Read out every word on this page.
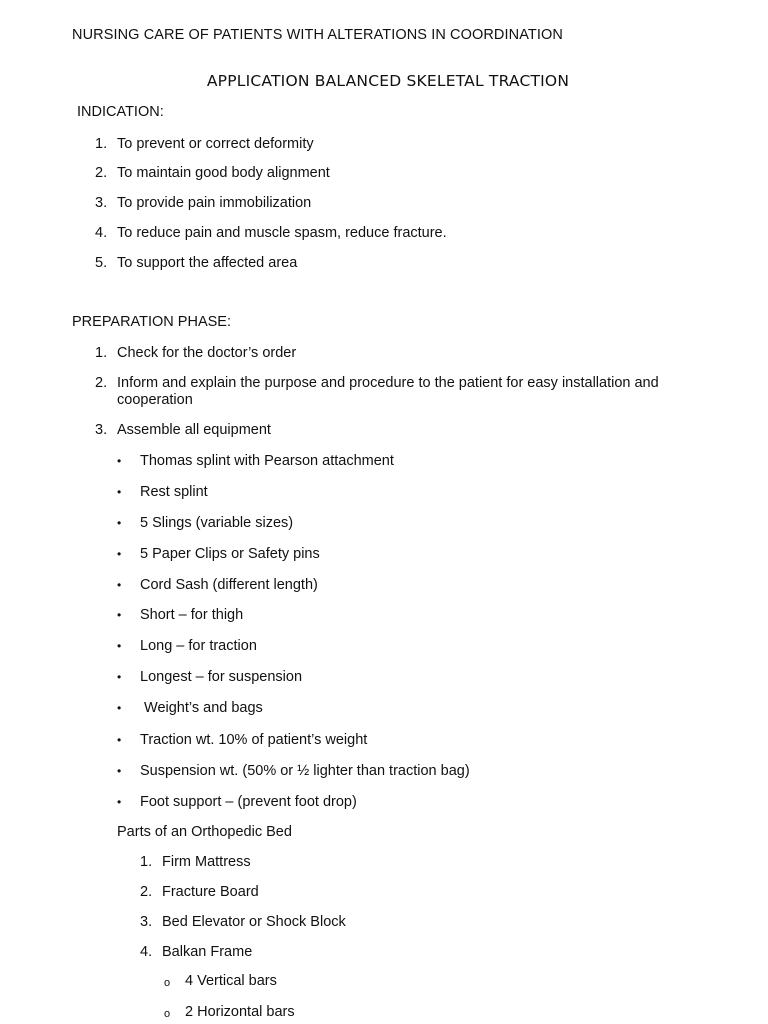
NURSING CARE OF PATIENTS WITH ALTERATIONS IN COORDINATION
APPLICATION BALANCED SKELETAL TRACTION
INDICATION:
1. To prevent or correct deformity
2. To maintain good body alignment
3. To provide pain immobilization
4. To reduce pain and muscle spasm, reduce fracture.
5. To support the affected area
PREPARATION PHASE:
1. Check for the doctor’s order
2. Inform and explain the purpose and procedure to the patient for easy installation and cooperation
3. Assemble all equipment
•	Thomas splint with Pearson attachment
•	Rest splint
•	5 Slings (variable sizes)
•	5 Paper Clips or Safety pins
•	Cord Sash (different length)
•	Short – for thigh
•	Long – for traction
•	Longest – for suspension
•	Weight’s and bags
•	Traction wt. 10% of patient’s weight
•	Suspension wt. (50% or ½ lighter than traction bag)
•	Foot support – (prevent foot drop)
Parts of an Orthopedic Bed
1. Firm Mattress
2. Fracture Board
3. Bed Elevator or Shock Block
4. Balkan Frame
o 4 Vertical bars
o 2 Horizontal bars
